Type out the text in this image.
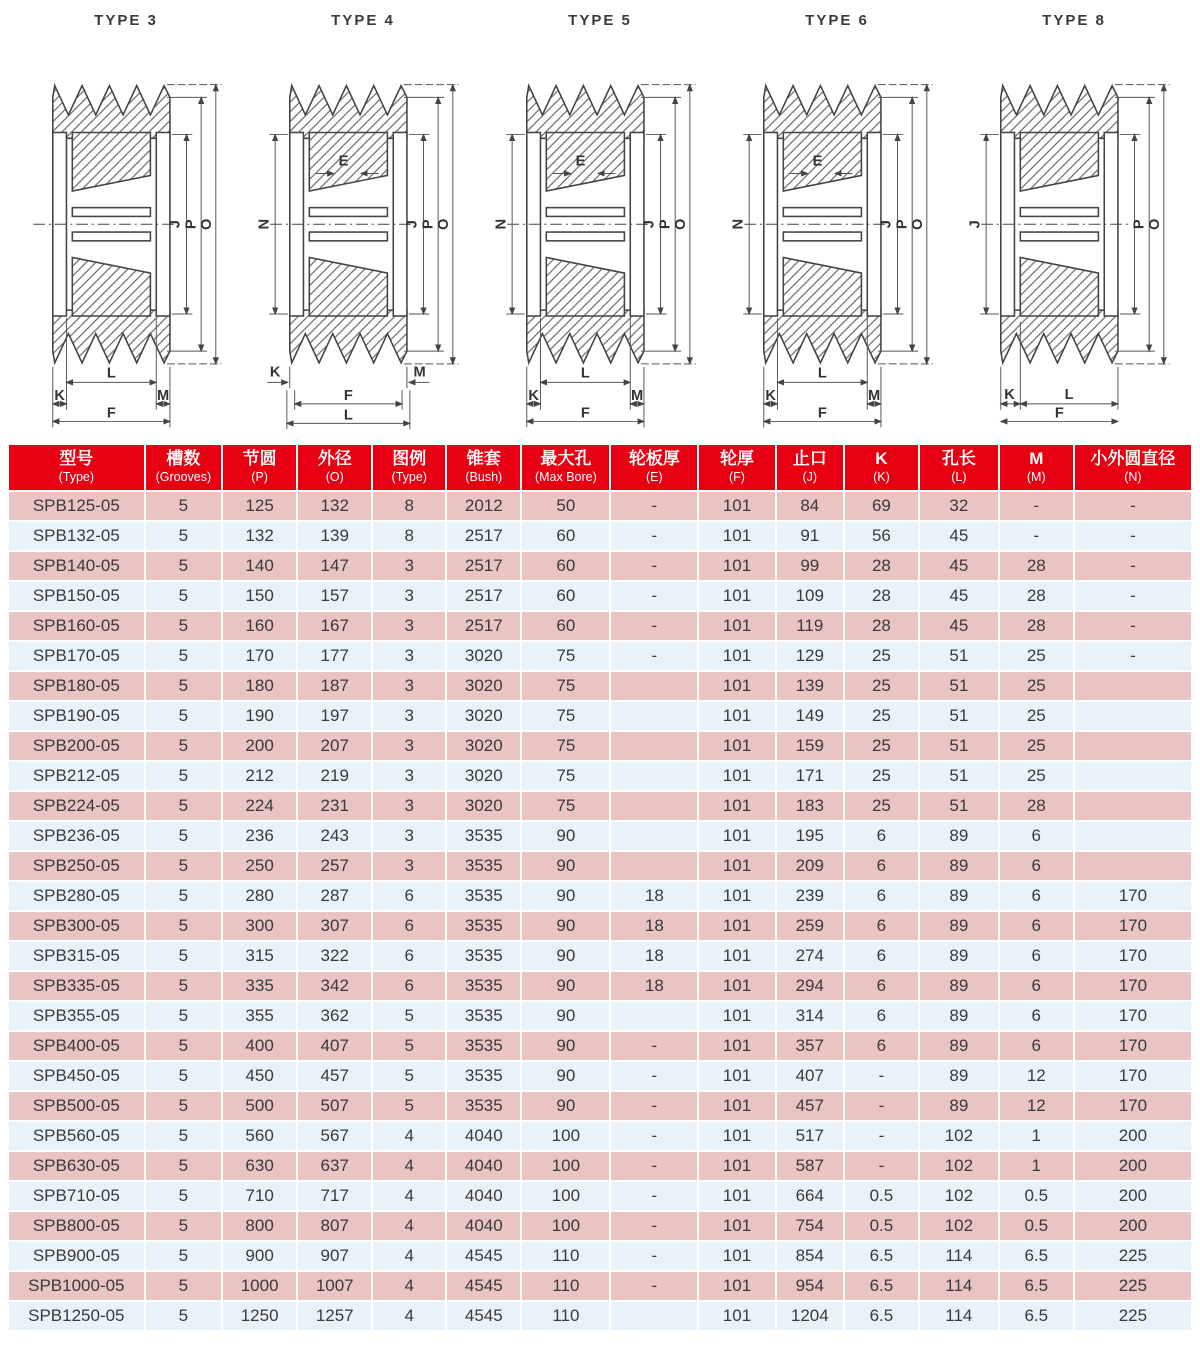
TYPE 3
J P O
K
L
M
F
TYPE 4
E
N	J P O
K	M
F
L
TYPE 5
E
N	J P O
K
L
M
F
TYPE 6
E
N	J P O
K
L
M
F
TYPE 8
J	P O
K	L
F
型号
(Type)

槽数
(Grooves)

节圆
(P)

外径
(O)

图例
(Type)

锥套
(Bush)

最大孔
(Max Bore)

轮板厚
(E)

轮厚
(F)

止口
(J)

K
(K)

孔长
(L)

M
(M)

小外圆直径
(N)

SPB125-05	5	125	132	8	2012	50	-	101	84	69	32	-	-
SPB132-05	5	132	139	8	2517	60	-	101	91	56	45	-	-
SPB140-05	5	140	147	3	2517	60	-	101	99	28	45	28	-
SPB150-05	5	150	157	3	2517	60	-	101	109	28	45	28	-
SPB160-05	5	160	167	3	2517	60	-	101	119	28	45	28	-
SPB170-05	5	170	177	3	3020	75	-	101	129	25	51	25	-
SPB180-05	5	180	187	3	3020	75		101	139	25	51	25	
SPB190-05	5	190	197	3	3020	75		101	149	25	51	25	
SPB200-05	5	200	207	3	3020	75		101	159	25	51	25	
SPB212-05	5	212	219	3	3020	75		101	171	25	51	25	
SPB224-05	5	224	231	3	3020	75		101	183	25	51	28	
SPB236-05	5	236	243	3	3535	90		101	195	6	89	6	
SPB250-05	5	250	257	3	3535	90		101	209	6	89	6	
SPB280-05	5	280	287	6	3535	90	18	101	239	6	89	6	170
SPB300-05	5	300	307	6	3535	90	18	101	259	6	89	6	170
SPB315-05	5	315	322	6	3535	90	18	101	274	6	89	6	170
SPB335-05	5	335	342	6	3535	90	18	101	294	6	89	6	170
SPB355-05	5	355	362	5	3535	90		101	314	6	89	6	170
SPB400-05	5	400	407	5	3535	90	-	101	357	6	89	6	170
SPB450-05	5	450	457	5	3535	90	-	101	407	-	89	12	170
SPB500-05	5	500	507	5	3535	90	-	101	457	-	89	12	170
SPB560-05	5	560	567	4	4040	100	-	101	517	-	102	1	200
SPB630-05	5	630	637	4	4040	100	-	101	587	-	102	1	200
SPB710-05	5	710	717	4	4040	100	-	101	664	0.5	102	0.5	200
SPB800-05	5	800	807	4	4040	100	-	101	754	0.5	102	0.5	200
SPB900-05	5	900	907	4	4545	110	-	101	854	6.5	114	6.5	225
SPB1000-05	5	1000	1007	4	4545	110	-	101	954	6.5	114	6.5	225
SPB1250-05	5	1250	1257	4	4545	110		101	1204	6.5	114	6.5	225
